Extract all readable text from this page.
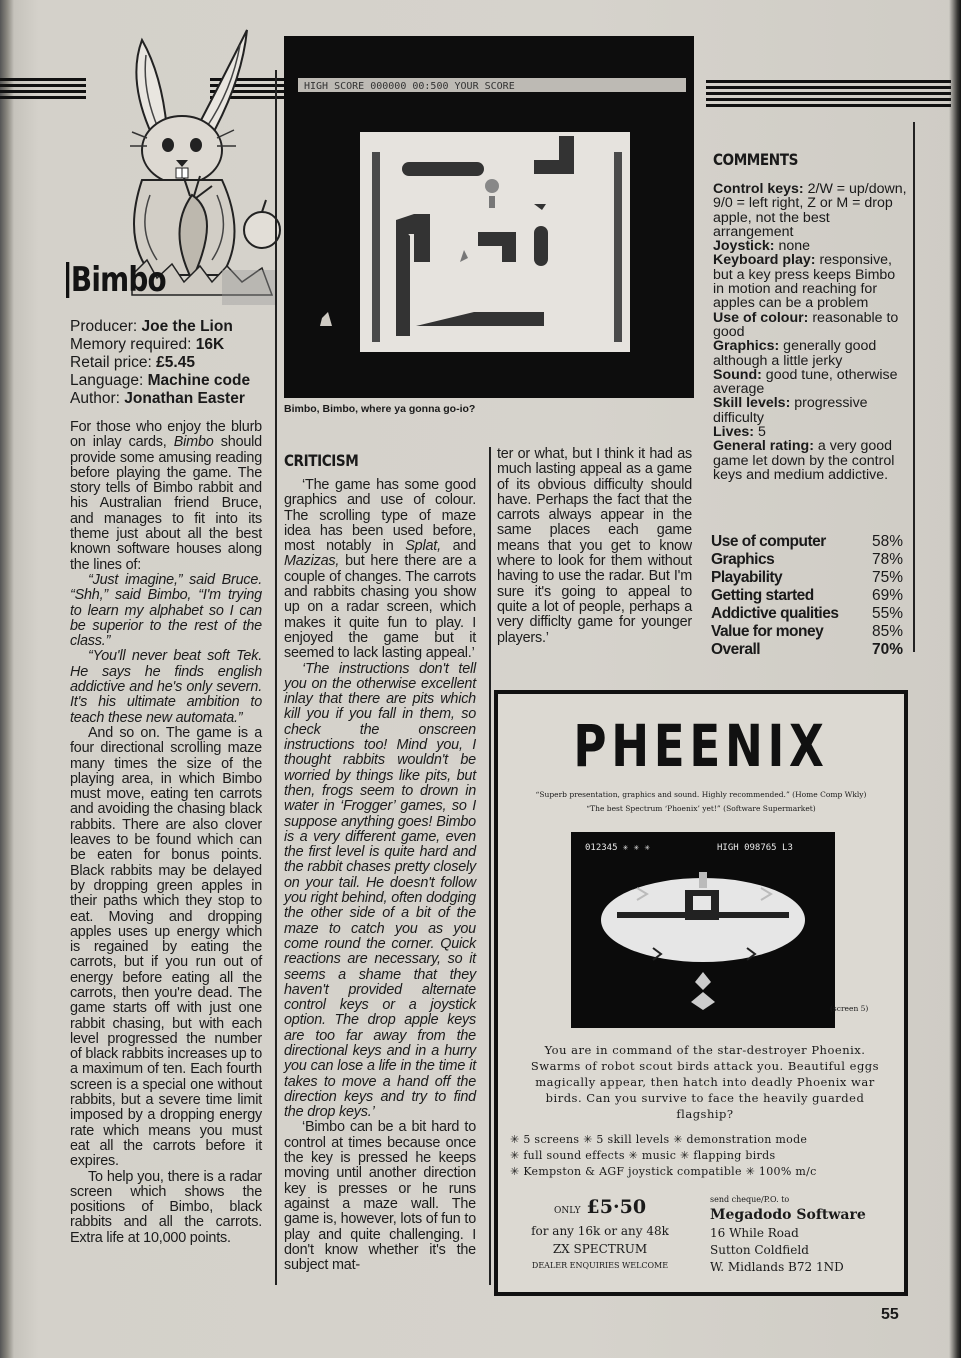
Bimbo
Producer: Joe the Lion
Memory required: 16K
Retail price: £5.45
Language: Machine code
Author: Jonathan Easter

For those who enjoy the blurb on inlay cards, Bimbo should provide some amusing reading before playing the game. The story tells of Bimbo rabbit and his Australian friend Bruce, and manages to fit into its theme just about all the best known software houses along the lines of:

“Just imagine,” said Bruce. “Shh,” said Bimbo, “I'm trying to learn my alphabet so I can be superior to the rest of the class.”

“You'll never beat soft Tek. He says he finds english addictive and he's only severn. It's his ultimate ambition to teach these new automata.”

And so on. The game is a four directional scrolling maze many times the size of the playing area, in which Bimbo must move, eating ten carrots and avoiding the chasing black rabbits. There are also clover leaves to be found which can be eaten for bonus points. Black rabbits may be delayed by dropping green apples in their paths which they stop to eat. Moving and dropping apples uses up energy which is regained by eating the carrots, but if you run out of energy before eating all the carrots, then you're dead. The game starts off with just one rabbit chasing, but with each level progressed the number of black rabbits increases up to a maximum of ten. Each fourth screen is a special one without rabbits, but a severe time limit imposed by a dropping energy rate which means you must eat all the carrots before it expires.

To help you, there is a radar screen which shows the positions of Bimbo, black rabbits and all the carrots. Extra life at 10,000 points.

HIGH SCORE 000000 00:500 YOUR SCORE
Bimbo, Bimbo, where ya gonna go-io?
CRITICISM

‘The game has some good graphics and use of colour. The scrolling type of maze idea has been used before, most notably in Splat, and Mazizas, but here there are a couple of changes. The carrots and rabbits chasing you show up on a radar screen, which makes it quite fun to play. I enjoyed the game but it seemed to lack lasting appeal.’

‘The instructions don't tell you on the otherwise excellent inlay that there are pits which kill you if you fall in them, so check the onscreen instructions too! Mind you, I thought rabbits wouldn't be worried by things like pits, but then, frogs seem to drown in water in ‘Frogger’ games, so I suppose anything goes! Bimbo is a very different game, even the first level is quite hard and the rabbit chases pretty closely on your tail. He doesn't follow you right behind, often dodging the other side of a bit of the maze to catch you as you come round the corner. Quick reactions are necessary, so it seems a shame that they haven't provided alternate control keys or a joystick option. The drop apple keys are too far away from the directional keys and in a hurry you can lose a life in the time it takes to move a hand off the direction keys and try to find the drop keys.’

‘Bimbo can be a bit hard to control at times because once the key is pressed he keeps moving until another direction key is presses or he runs against a maze wall. The game is, however, lots of fun to play and quite challenging. I don't know whether it's the subject mat-

ter or what, but I think it had as much lasting appeal as a game of its obvious difficulty should have. Perhaps the fact that the carrots always appear in the same places each game means that you get to know where to look for them without having to use the radar. But I'm sure it's going to appeal to quite a lot of people, perhaps a very difficlty game for younger players.’

COMMENTS
Control keys: 2/W = up/down, 9/0 = left right, Z or M = drop apple, not the best arrangement
Joystick: none
Keyboard play: responsive, but a key press keeps Bimbo in motion and reaching for apples can be a problem
Use of colour: reasonable to good
Graphics: generally good although a little jerky
Sound: good tune, otherwise average
Skill levels: progressive difficulty
Lives: 5
General rating: a very good game let down by the control keys and medium addictive.
Use of computer	58%
Graphics	78%
Playability	75%
Getting started	69%
Addictive qualities 55%
Value for money	85%
Overall	70%
PHEENIX
“Superb presentation, graphics and sound. Highly recommended.” (Home Comp Wkly)
“The best Spectrum ‘Phoenix’ yet!” (Software Supermarket)
012345 ✳ ✳ ✳	HIGH 098765 L3
(screen 5)
You are in command of the star-destroyer Phoenix. Swarms of robot scout birds attack you. Beautiful eggs magically appear, then hatch into deadly Phoenix war birds. Can you survive to face the heavily guarded flagship?
✳ 5 screens ✳ 5 skill levels ✳ demonstration mode
✳ full sound effects ✳ music ✳ flapping birds
✳ Kempston & AGF joystick compatible ✳ 100% m/c
ONLY £5·50
for any 16k or any 48k
ZX SPECTRUM
DEALER ENQUIRIES WELCOME
send cheque/P.O. to
Megadodo Software
16 While Road
Sutton Coldfield
W. Midlands B72 1ND
55
